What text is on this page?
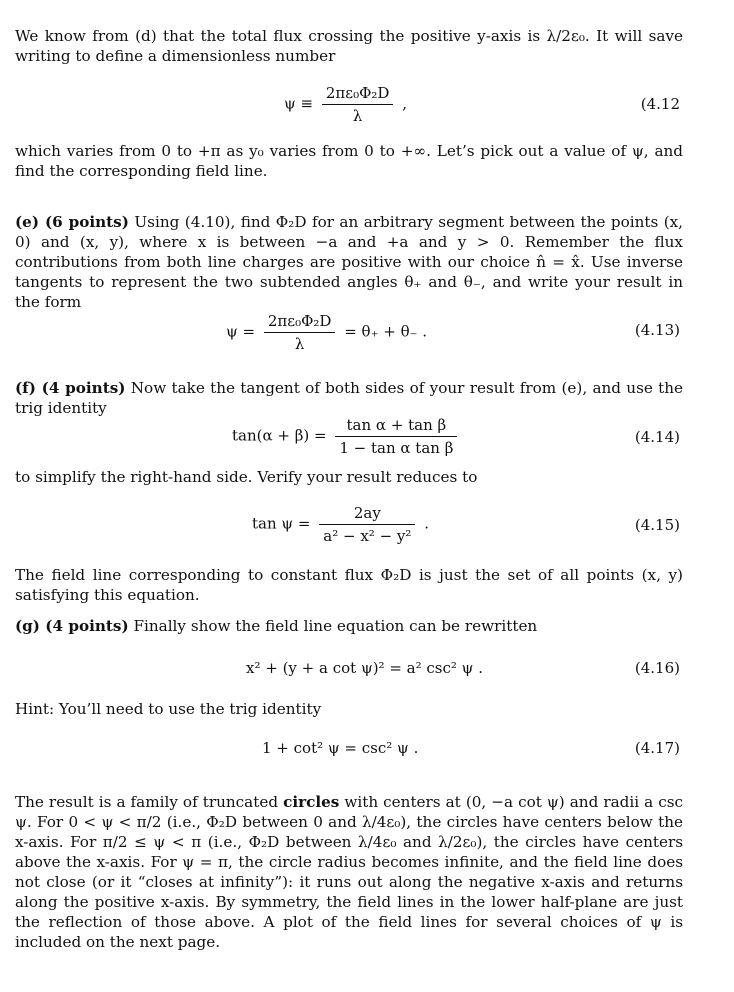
We know from (d) that the total flux crossing the positive y-axis is λ/2ε₀. It will save writing to define a dimensionless number
$\psi \equiv \frac{\text{2πε₀Φ₂D}}{\lambda}$ ,	(4.12
which varies from 0 to +π as y₀ varies from 0 to +∞. Let’s pick out a value of ψ, and find the corresponding field line.
(e) (6 points) Using (4.10), find Φ₂D for an arbitrary segment between the points (x, 0) and (x, y), where x is between −a and +a and y > 0. Remember the flux contributions from both line charges are positive with our choice n̂ = x̂. Use inverse tangents to represent the two subtended angles θ₊ and θ₋, and write your result in the form
$\psi = \frac{\text{2πε₀Φ₂D}}{\lambda} = \theta_+ + \theta_-$ .	(4.13)
(f) (4 points) Now take the tangent of both sides of your result from (e), and use the trig identity
$\tan(\alpha + \beta) = \frac{\text{tan α + tan β}}{\text{1 − tan α tan β}}$	(4.14)
to simplify the right-hand side. Verify your result reduces to
$\tan \psi = \frac{2ay}{\text{a² − x² − y²}}$ .	(4.15)
The field line corresponding to constant flux Φ₂D is just the set of all points (x, y) satisfying this equation.
(g) (4 points) Finally show the field line equation can be rewritten
x² + (y + a cot ψ)² = a² csc² ψ .	(4.16)
Hint: You’ll need to use the trig identity
1 + cot² ψ = csc² ψ .	(4.17)
The result is a family of truncated circles with centers at (0, −a cot ψ) and radii a csc ψ. For 0 < ψ < π/2 (i.e., Φ₂D between 0 and λ/4ε₀), the circles have centers below the x-axis. For π/2 ≤ ψ < π (i.e., Φ₂D between λ/4ε₀ and λ/2ε₀), the circles have centers above the x-axis. For ψ = π, the circle radius becomes infinite, and the field line does not close (or it “closes at infinity”): it runs out along the negative x-axis and returns along the positive x-axis. By symmetry, the field lines in the lower half-plane are just the reflection of those above. A plot of the field lines for several choices of ψ is included on the next page.
